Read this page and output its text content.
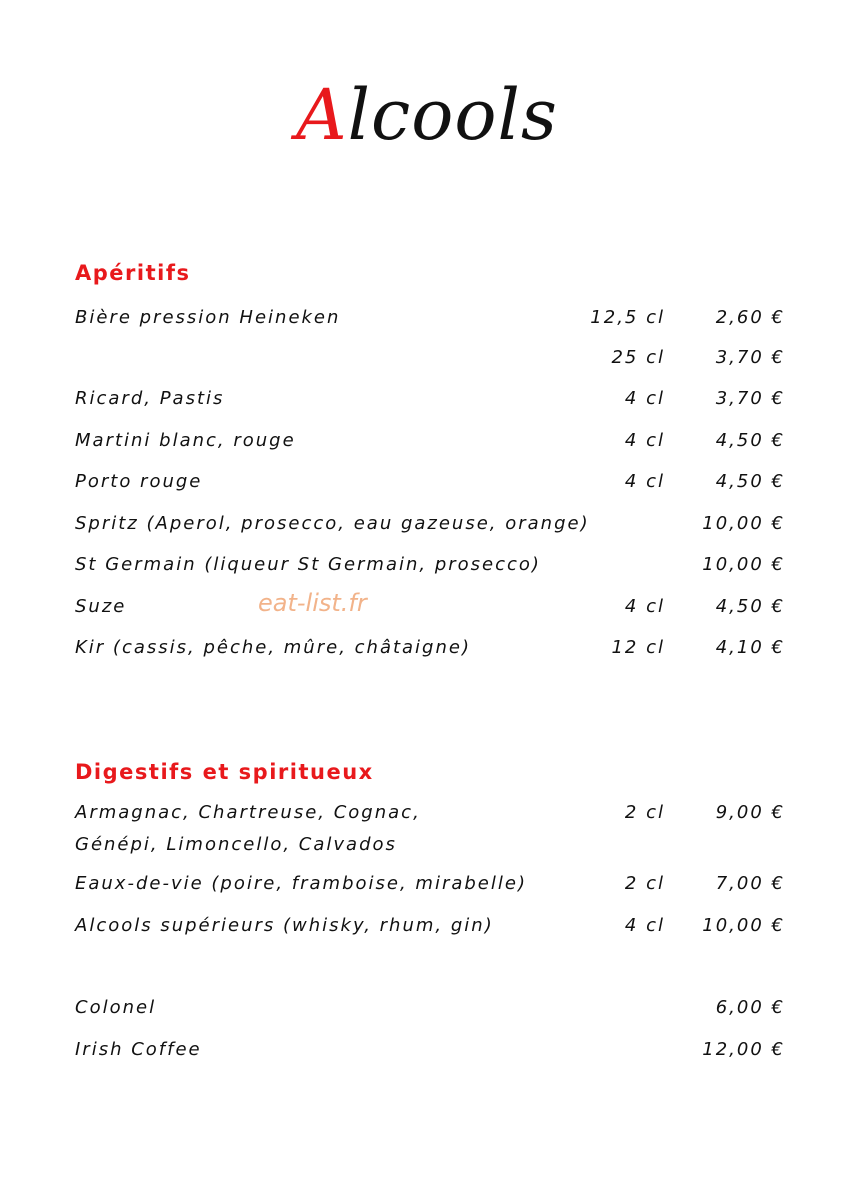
Alcools
Apéritifs
Bière pression Heineken	12,5 cl	2,60 €
25 cl	3,70 €
Ricard, Pastis	4 cl	3,70 €
Martini blanc, rouge	4 cl	4,50 €
Porto rouge	4 cl	4,50 €
Spritz (Aperol, prosecco, eau gazeuse, orange)	10,00 €
St Germain (liqueur St Germain, prosecco)	10,00 €
Suze	4 cl	4,50 €
Kir (cassis, pêche, mûre, châtaigne)	12 cl	4,10 €
eat-list.fr
Digestifs et spiritueux
Armagnac, Chartreuse, Cognac,
Génépi, Limoncello, Calvados
2 cl	9,00 €
Eaux-de-vie (poire, framboise, mirabelle)	2 cl	7,00 €
Alcools supérieurs (whisky, rhum, gin)	4 cl 10,00 €
Colonel	6,00 €
Irish Coffee	12,00 €
